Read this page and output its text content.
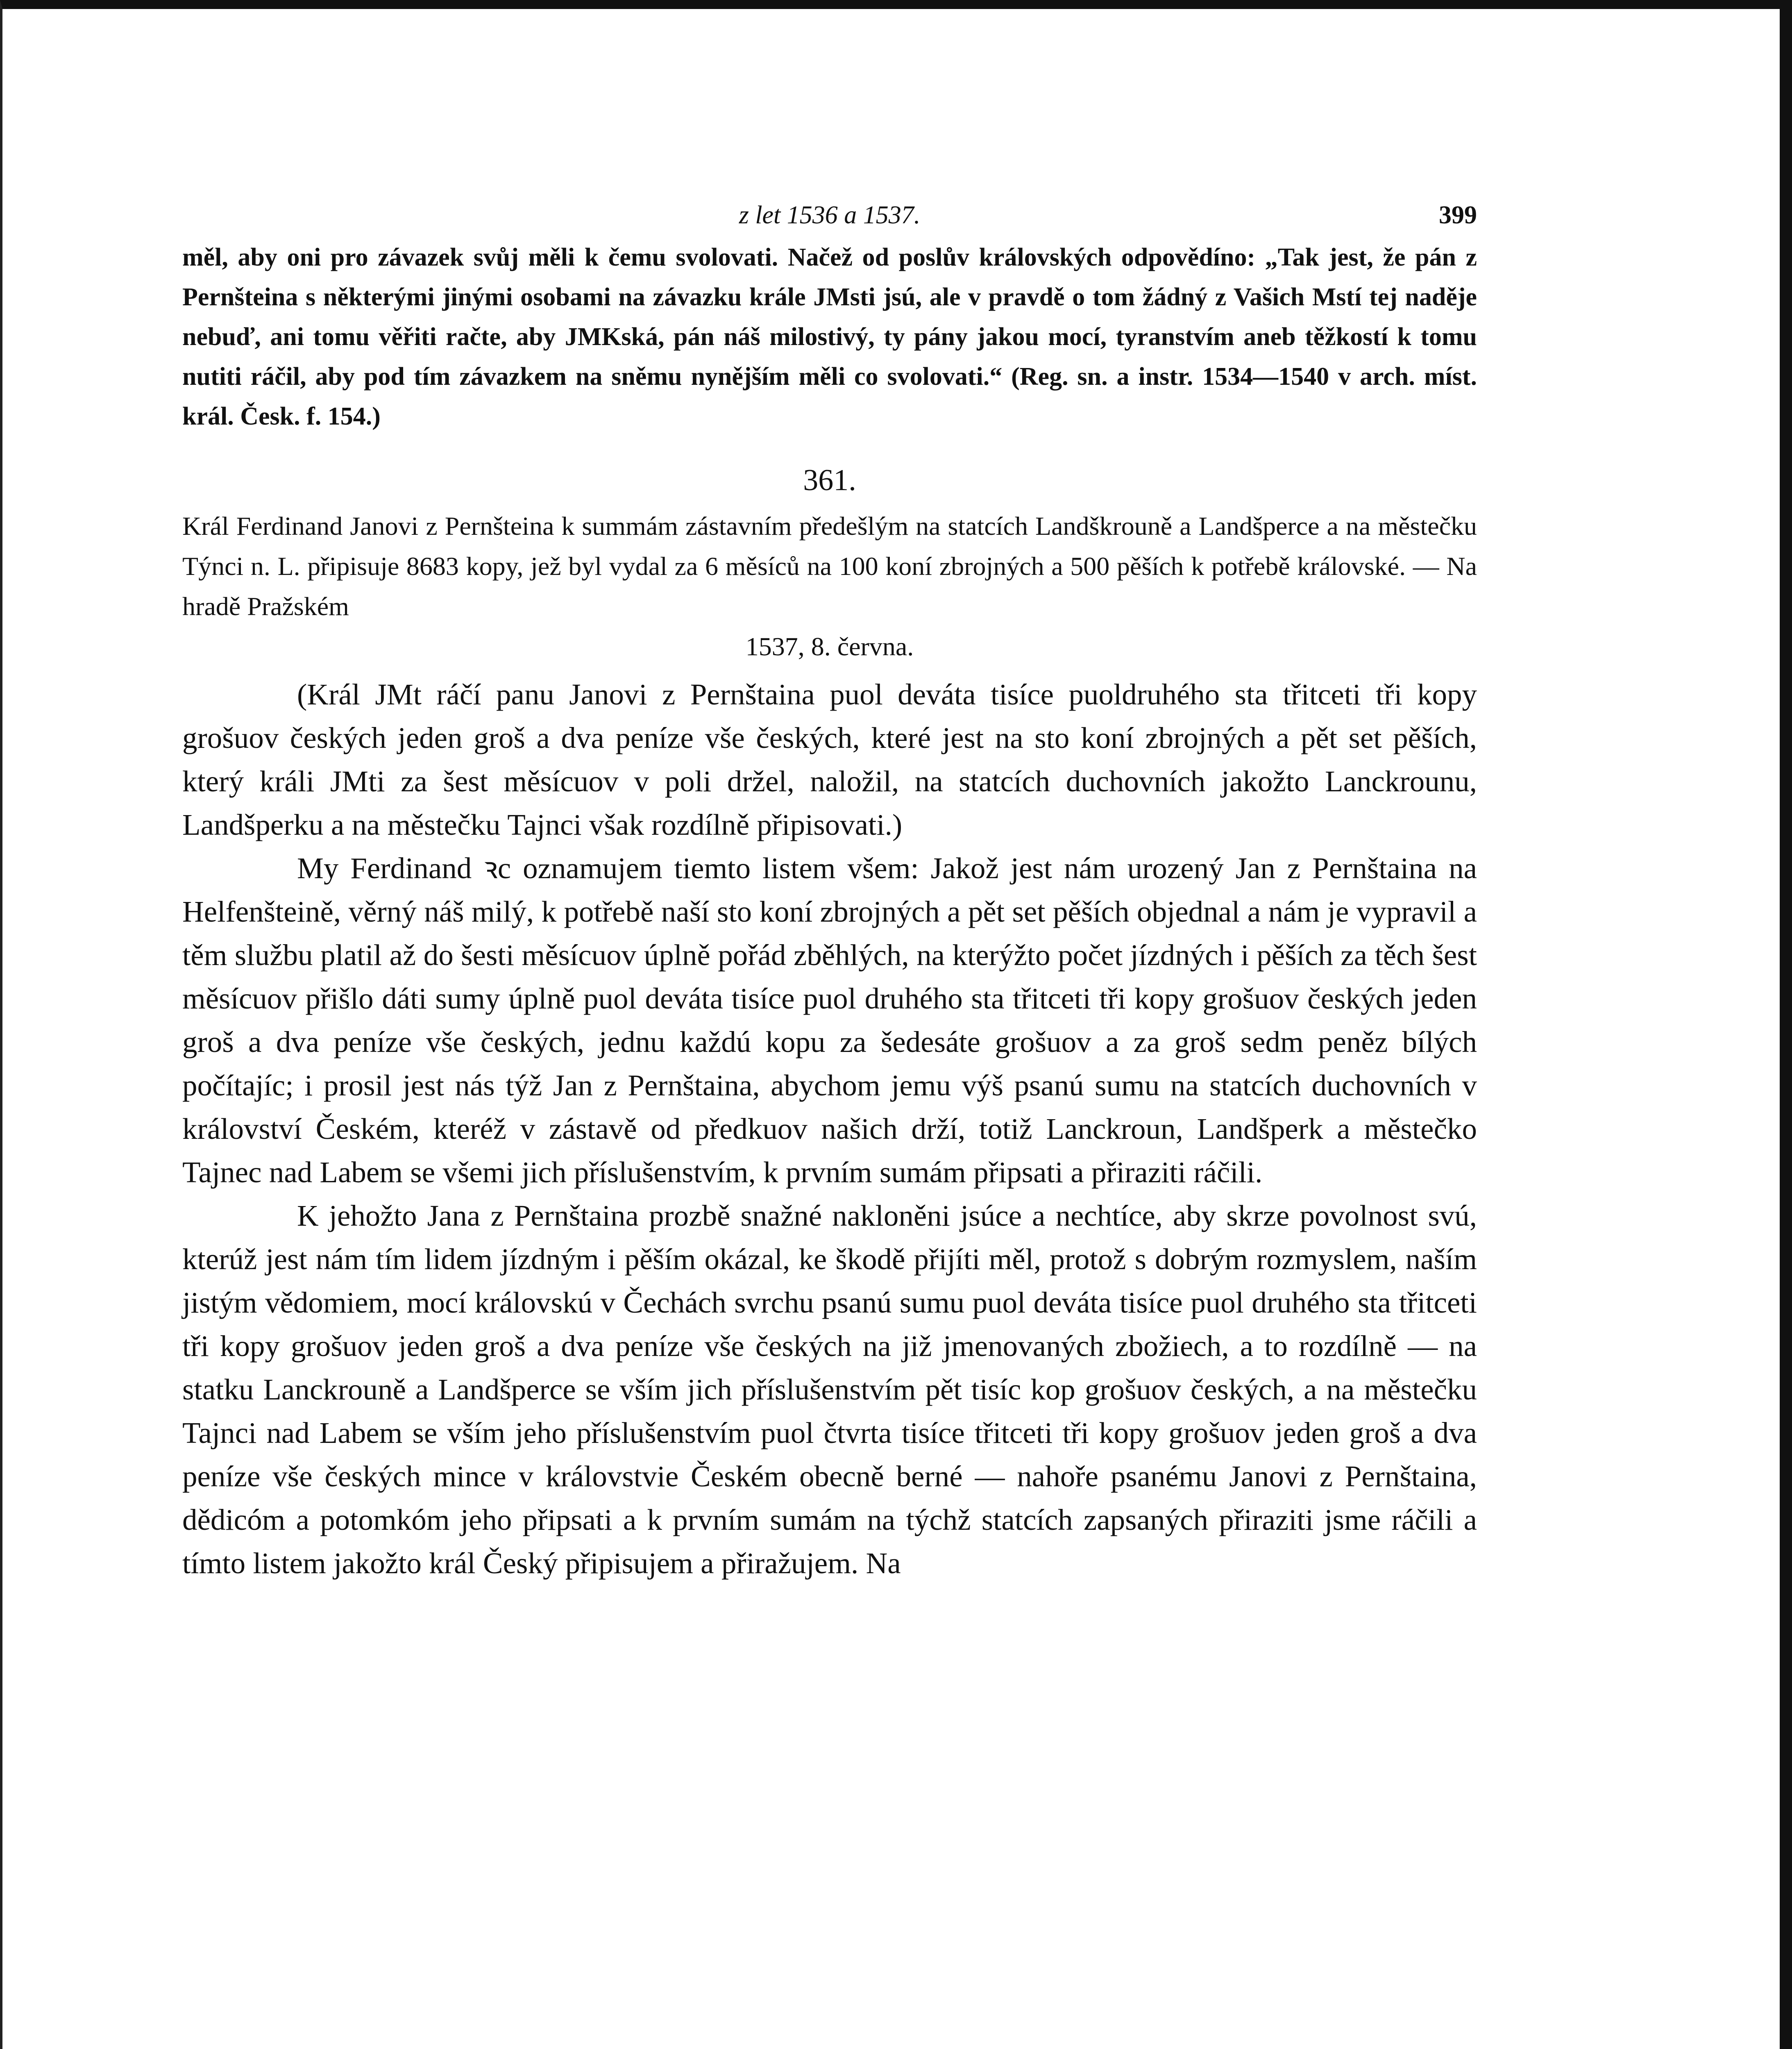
z let 1536 a 1537.	399

měl, aby oni pro závazek svůj měli k čemu svolovati. Načež od poslův královských odpovědíno: „Tak jest, že pán z Pernšteina s některými jinými osobami na závazku krále JMsti jsú, ale v pravdě o tom žádný z Vašich Mstí tej naděje nebuď, ani tomu věřiti račte, aby JMKská, pán náš milostivý, ty pány jakou mocí, tyranstvím aneb těžkostí k tomu nutiti ráčil, aby pod tím závazkem na sněmu nynějším měli co svolovati.“ (Reg. sn. a instr. 1534—1540 v arch. míst. král. Česk. f. 154.)

361.

Král Ferdinand Janovi z Pernšteina k summám zástavním předešlým na statcích Landškrouně a Landšperce a na městečku Týnci n. L. připisuje 8683 kopy, jež byl vydal za 6 měsíců na 100 koní zbrojných a 500 pěších k potřebě královské. — Na hradě Pražském

1537, 8. června.

(Král JMt ráčí panu Janovi z Pernštaina puol deváta tisíce puoldruhého sta třitceti tři kopy grošuov českých jeden groš a dva peníze vše českých, které jest na sto koní zbrojných a pět set pěších, který králi JMti za šest měsícuov v poli držel, naložil, na statcích duchovních jakožto Lanckrounu, Landšperku a na městečku Tajnci však rozdílně připisovati.)

My Ferdinand ꝛc oznamujem tiemto listem všem: Jakož jest nám urozený Jan z Pernštaina na Helfenšteině, věrný náš milý, k potřebě naší sto koní zbrojných a pět set pěších objednal a nám je vypravil a těm službu platil až do šesti měsícuov úplně pořád zběhlých, na kterýžto počet jízdných i pěších za těch šest měsícuov přišlo dáti sumy úplně puol deváta tisíce puol druhého sta třitceti tři kopy grošuov českých jeden groš a dva peníze vše českých, jednu každú kopu za šedesáte grošuov a za groš sedm peněz bílých počítajíc; i prosil jest nás týž Jan z Pernštaina, abychom jemu výš psanú sumu na statcích duchovních v království Českém, kteréž v zástavě od předkuov našich drží, totiž Lanckroun, Landšperk a městečko Tajnec nad Labem se všemi jich příslušenstvím, k prvním sumám připsati a přiraziti ráčili.

K jehožto Jana z Pernštaina prozbě snažné nakloněni jsúce a nechtíce, aby skrze povolnost svú, kterúž jest nám tím lidem jízdným i pěším okázal, ke škodě přijíti měl, protož s dobrým rozmyslem, naším jistým vědomiem, mocí královskú v Čechách svrchu psanú sumu puol deváta tisíce puol druhého sta třitceti tři kopy grošuov jeden groš a dva peníze vše českých na již jmenovaných zbožiech, a to rozdílně — na statku Lanckrouně a Landšperce se vším jich příslušenstvím pět tisíc kop grošuov českých, a na městečku Tajnci nad Labem se vším jeho příslušenstvím puol čtvrta tisíce třitceti tři kopy grošuov jeden groš a dva peníze vše českých mince v královstvie Českém obecně berné — nahoře psanému Janovi z Pernštaina, dědicóm a potomkóm jeho připsati a k prvním sumám na týchž statcích zapsaných přiraziti jsme ráčili a tímto listem jakožto král Český připisujem a přiražujem. Na
